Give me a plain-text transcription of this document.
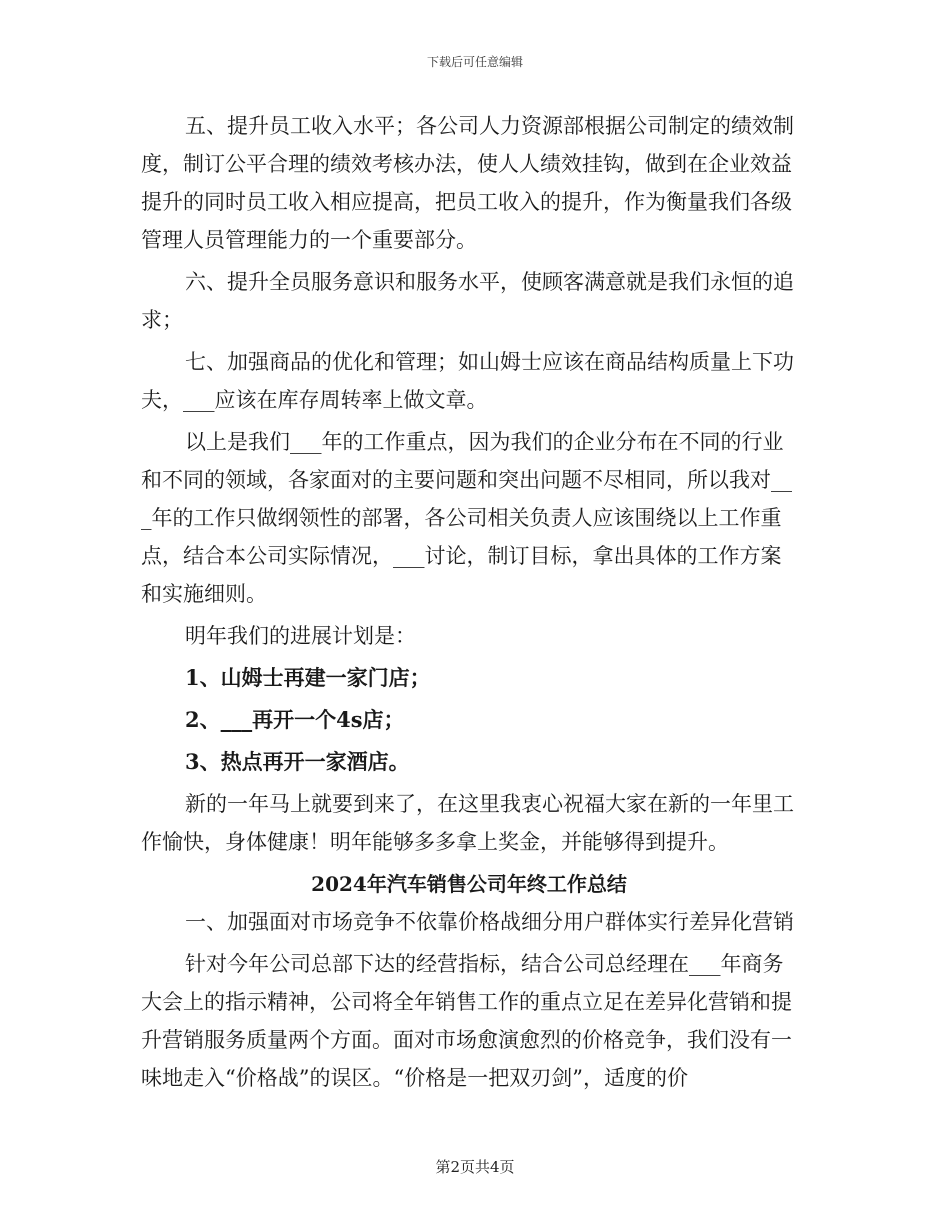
下载后可任意编辑

五、提升员工收入水平；各公司人力资源部根据公司制定的绩效制度，制订公平合理的绩效考核办法，使人人绩效挂钩，做到在企业效益提升的同时员工收入相应提高，把员工收入的提升，作为衡量我们各级管理人员管理能力的一个重要部分。

六、提升全员服务意识和服务水平，使顾客满意就是我们永恒的追求；

七、加强商品的优化和管理；如山姆士应该在商品结构质量上下功夫，___应该在库存周转率上做文章。

以上是我们___年的工作重点，因为我们的企业分布在不同的行业和不同的领域，各家面对的主要问题和突出问题不尽相同，所以我对___年的工作只做纲领性的部署，各公司相关负责人应该围绕以上工作重点，结合本公司实际情况，___讨论，制订目标，拿出具体的工作方案和实施细则。

明年我们的进展计划是：

1、山姆士再建一家门店；

2、___再开一个4s店；

3、热点再开一家酒店。

新的一年马上就要到来了，在这里我衷心祝福大家在新的一年里工作愉快，身体健康！明年能够多多拿上奖金，并能够得到提升。

2024年汽车销售公司年终工作总结

一、加强面对市场竞争不依靠价格战细分用户群体实行差异化营销

针对今年公司总部下达的经营指标，结合公司总经理在___年商务大会上的指示精神，公司将全年销售工作的重点立足在差异化营销和提升营销服务质量两个方面。面对市场愈演愈烈的价格竞争，我们没有一味地走入“价格战”的误区。“价格是一把双刃剑”，适度的价

第2页共4页
